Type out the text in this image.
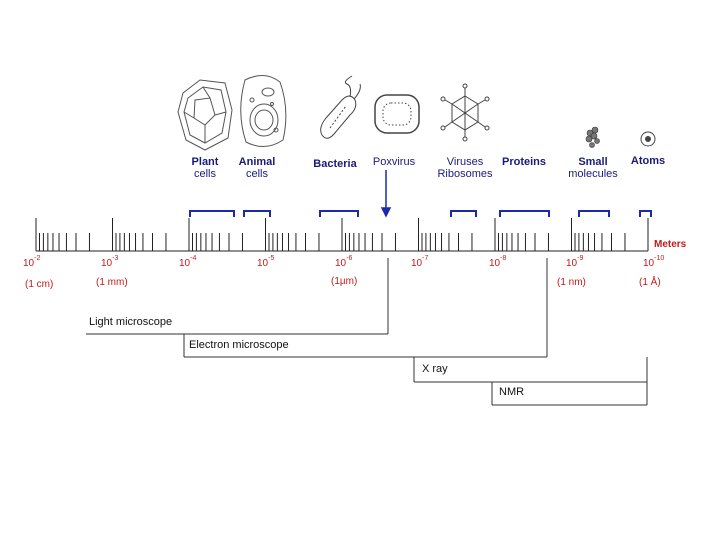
Plant
cells
Animal
cells
Bacteria	Poxvirus	Viruses
Ribosomes
Proteins	Small
molecules
Atoms
Meters
$10^{-2}$	$10^{-3}$	$10^{-4}$	$10^{-5}$	$10^{-6}$	$10^{-7}$	$10^{-8}$	$10^{-9}$	$10^{-10}$
(1 cm)	(1 mm)	(1µm)	(1 nm)	(1 Å)
Light microscope
Electron microscope
X ray
NMR
